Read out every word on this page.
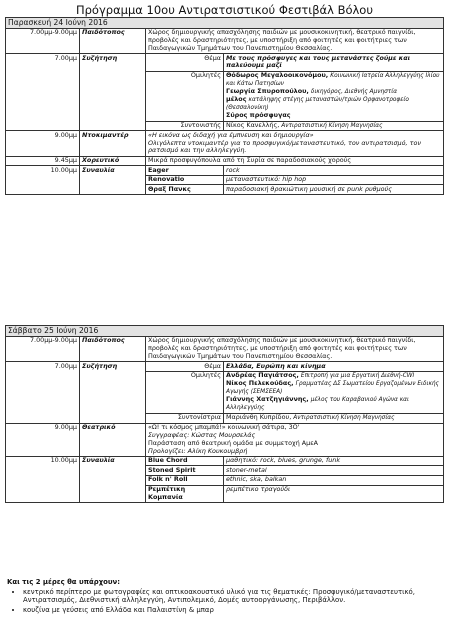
Πρόγραμμα 10ου Αντιρατσιστικού Φεστιβάλ Βόλου
Παρασκευή 24 Ιούνη 2016			
7.00μμ-9.00μμ	Παιδότοπος	Χώρος δημιουργικής απασχόλησης παιδιών με μουσικοκινητική, θεατρικό παιγνίδι, προβολές και δραστηριότητες, με υποστήριξη από φοιτητές και φοιτήτριες των Παιδαγωγικών Τμημάτων του Πανεπιστημίου Θεσσαλίας.	
7.00μμ	Συζήτηση	Θέμα	Με τους πρόσφυγες και τους μετανάστες ζούμε και παλεύουμε μαζί
		Ομιλητές	Θόδωρος Μεγαλοοικονόμου, Κοινωνική Ιατρεία Αλληλεγγύης Ιλίου και Κάτω Πατησίων
Γεωργία Σπυροπούλου, δικηγόρος, Διεθνής Αμνηστία
μέλος κατάληψης στέγης μεταναστών/τριών Ορφανοτροφείο (Θεσσαλονίκη)
Σύρος πρόσφυγας
		Συντονιστής	Νίκος Κανελλής, Αντιρατσιστική Κίνηση Μαγνησίας
9.00μμ	Ντοκιμαντέρ	«Η εικόνα ως διδαχή για έμπνευση και δημιουργία»
Ολιγόλεπτα ντοκιμαντέρ για το προσφυγικό/μεταναστευτικό, τον αντιρατσισμό, τον ρατσισμό και την αλληλεγγύη.	

9.45μμ	Χορευτικό	Μικρά προσφυγόπουλα από τη Συρία σε παραδοσιακούς χορούς	
10.00μμ	Συναυλία	Eager	rock
		Renovatio	μεταναστευτικό: hip hop
		Θραξ Πανκς	παραδοσιακή θρακιώτικη μουσική σε punk ρυθμούς
Σάββατο 25 Ιούνη 2016			
7.00μμ-9.00μμ	Παιδότοπος	Χώρος δημιουργικής απασχόλησης παιδιών με μουσικοκινητική, θεατρικό παιγνίδι, προβολές και δραστηριότητες, με υποστήριξη από φοιτητές και φοιτήτριες των Παιδαγωγικών Τμημάτων του Πανεπιστημίου Θεσσαλίας.	
7.00μμ	Συζήτηση	Θέμα	Ελλάδα, Ευρώπη και κίνημα
		Ομιλητές	Ανδρέας Παγιάτσος, Επιτροπή για μια Εργατική Διεθνή-CWI
Νίκος Πελεκούδας, Γραμματέας ΔΣ Σωματείου Εργαζομένων Ειδικής Αγωγής (ΣΕΜΣΕΕΑ)
Γιάννης Χατζηγιάννης, μέλος του Καραβανιού Αγώνα και Αλληλεγγύης
		Συντονίστρια	Μαριάνθη Κυπρίδου, Αντιρατσιστική Κίνηση Μαγνησίας
9.00μμ	Θεατρικό	«Ω! τι κόσμος μπαμπά!» κοινωνική σάτιρα, 3Ο'
Συγγραφέας: Κώστας Μουρσελάς
Παράσταση από θεατρική ομάδα με συμμετοχή ΑμεΑ
Προλογίζει: Αλίκη Κουκουμβρή	

10.00μμ	Συναυλία	Blue Chord	μαθητικό: rock, blues, grunge, funk
		Stoned Spirit	stoner-metal
		Folk n' Roll	ethnic, ska, balkan
		Ρεμπέτικη Κομπανία	ρεμπέτικο τραγούδι
Και τις 2 μέρες θα υπάρχουν:
• κεντρικό περίπτερο με φωτογραφίες και οπτικοακουστικό υλικό για τις θεματικές: Προσφυγικό/μεταναστευτικό, Αντιρατσισμός, Διεθνιστική αλληλεγγύη, Αντιπολεμικό, Δομές αυτοοργάνωσης, Περιβάλλον.
• κουζίνα με γεύσεις από Ελλάδα και Παλαιστίνη & μπαρ
